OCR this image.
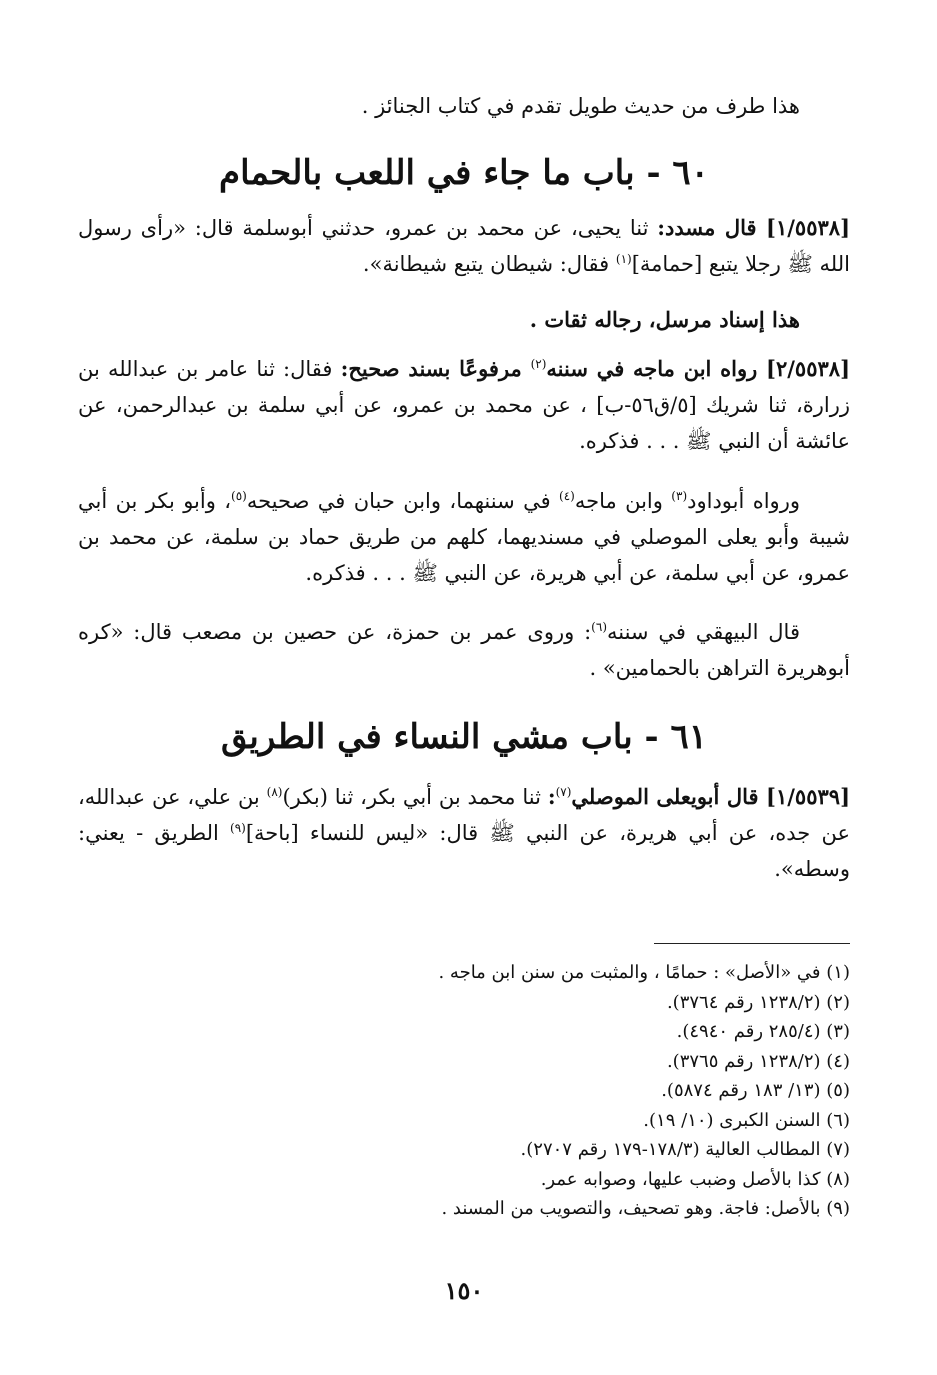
هذا طرف من حديث طويل تقدم في كتاب الجنائز .

٦٠ - باب ما جاء في اللعب بالحمام

[١/٥٥٣٨] قال مسدد: ثنا يحيى، عن محمد بن عمرو، حدثني أبوسلمة قال: «رأى رسول الله ﷺ رجلا يتبع [حمامة]$^{(١)}$ فقال: شيطان يتبع شيطانة».

هذا إسناد مرسل، رجاله ثقات .

[٢/٥٥٣٨] رواه ابن ماجه في سننه$^{(٢)}$ مرفوعًا بسند صحيح: فقال: ثنا عامر بن عبدالله بن زرارة، ثنا شريك [٥/ق٥٦-ب] ، عن محمد بن عمرو، عن أبي سلمة بن عبدالرحمن، عن عائشة أن النبي ﷺ . . . فذكره.

ورواه أبوداود$^{(٣)}$ وابن ماجه$^{(٤)}$ في سننهما، وابن حبان في صحيحه$^{(٥)}$، وأبو بكر بن أبي شيبة وأبو يعلى الموصلي في مسنديهما، كلهم من طريق حماد بن سلمة، عن محمد بن عمرو، عن أبي سلمة، عن أبي هريرة، عن النبي ﷺ . . . فذكره.

قال البيهقي في سننه$^{(٦)}$: وروى عمر بن حمزة، عن حصين بن مصعب قال: «كره أبوهريرة التراهن بالحمامين» .

٦١ - باب مشي النساء في الطريق

[١/٥٥٣٩] قال أبويعلى الموصلي$^{(٧)}$: ثنا محمد بن أبي بكر، ثنا (بكر)$^{(٨)}$ بن علي، عن عبدالله، عن جده، عن أبي هريرة، عن النبي ﷺ قال: «ليس للنساء [باحة]$^{(٩)}$ الطريق - يعني: وسطه».

(١) في «الأصل» : حمامًا ، والمثبت من سنن ابن ماجه .

(٢) (١٢٣٨/٢ رقم ٣٧٦٤).

(٣) (٢٨٥/٤ رقم ٤٩٤٠).

(٤) (١٢٣٨/٢ رقم ٣٧٦٥).

(٥) (١٣/ ١٨٣ رقم ٥٨٧٤).

(٦) السنن الكبرى (١٠/ ١٩).

(٧) المطالب العالية (١٧٨/٣-١٧٩ رقم ٢٧٠٧).

(٨) كذا بالأصل وضبب عليها، وصوابه عمر.

(٩) بالأصل: فاجة. وهو تصحيف، والتصويب من المسند .

١٥٠
